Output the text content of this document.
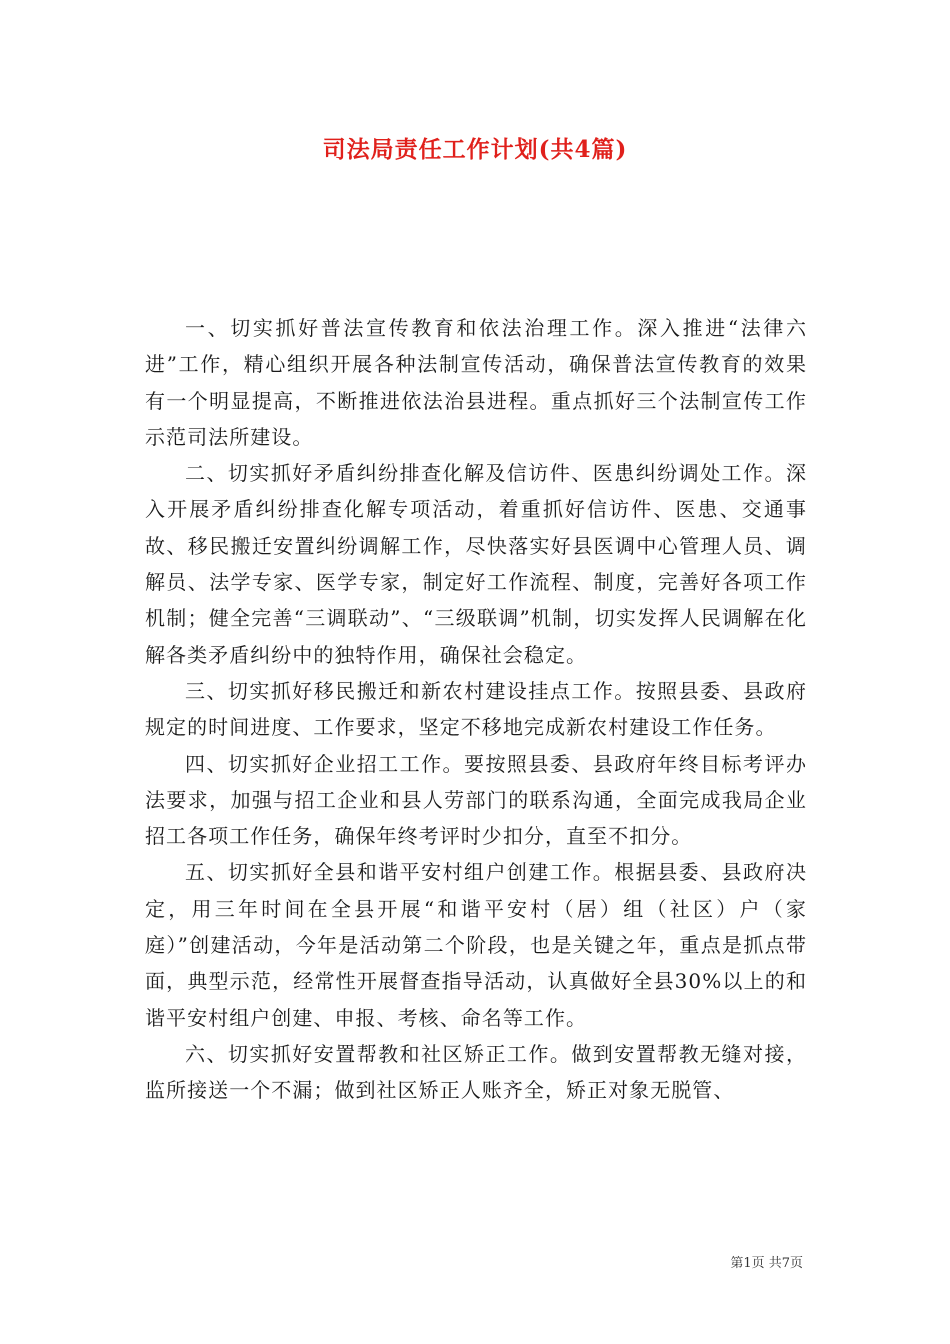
司法局责任工作计划(共4篇)

一、切实抓好普法宣传教育和依法治理工作。深入推进“法律六进”工作，精心组织开展各种法制宣传活动，确保普法宣传教育的效果有一个明显提高，不断推进依法治县进程。重点抓好三个法制宣传工作示范司法所建设。

二、切实抓好矛盾纠纷排查化解及信访件、医患纠纷调处工作。深入开展矛盾纠纷排查化解专项活动，着重抓好信访件、医患、交通事故、移民搬迁安置纠纷调解工作，尽快落实好县医调中心管理人员、调解员、法学专家、医学专家，制定好工作流程、制度，完善好各项工作机制；健全完善“三调联动”、“三级联调”机制，切实发挥人民调解在化解各类矛盾纠纷中的独特作用，确保社会稳定。

三、切实抓好移民搬迁和新农村建设挂点工作。按照县委、县政府规定的时间进度、工作要求，坚定不移地完成新农村建设工作任务。

四、切实抓好企业招工工作。要按照县委、县政府年终目标考评办法要求，加强与招工企业和县人劳部门的联系沟通，全面完成我局企业招工各项工作任务，确保年终考评时少扣分，直至不扣分。

五、切实抓好全县和谐平安村组户创建工作。根据县委、县政府决定，用三年时间在全县开展“和谐平安村（居）组（社区）户（家庭）”创建活动，今年是活动第二个阶段，也是关键之年，重点是抓点带面，典型示范，经常性开展督查指导活动，认真做好全县30%以上的和谐平安村组户创建、申报、考核、命名等工作。

六、切实抓好安置帮教和社区矫正工作。做到安置帮教无缝对接，监所接送一个不漏；做到社区矫正人账齐全，矫正对象无脱管、

第1页 共7页
